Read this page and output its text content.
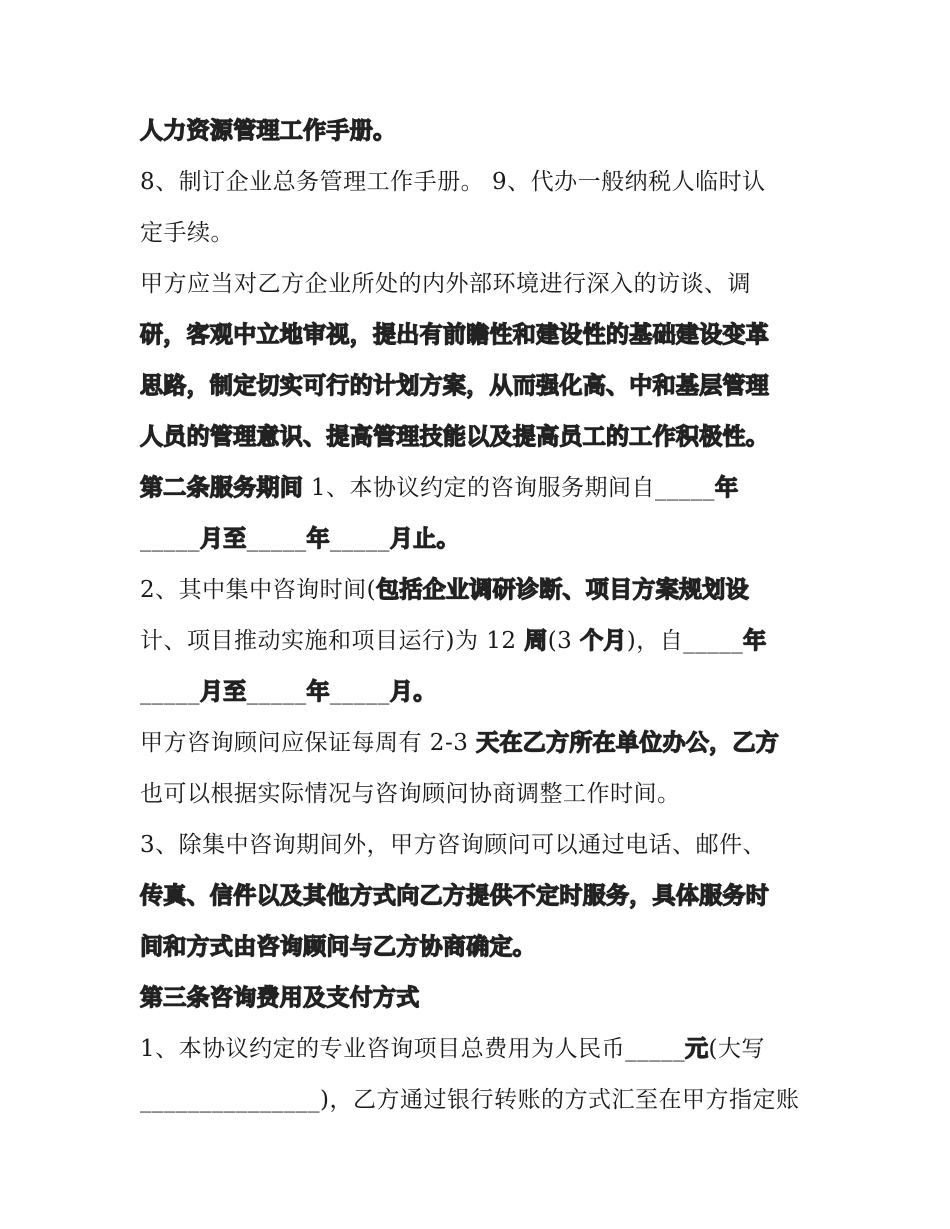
人力资源管理工作手册。
8、制订企业总务管理工作手册。 9、代办一般纳税人临时认
定手续。
甲方应当对乙方企业所处的内外部环境进行深入的访谈、调
研，客观中立地审视，提出有前瞻性和建设性的基础建设变革
思路，制定切实可行的计划方案，从而强化高、中和基层管理
人员的管理意识、提高管理技能以及提高员工的工作积极性。
第二条服务期间 1、本协议约定的咨询服务期间自_____年
_____月至_____年_____月止。
2、其中集中咨询时间(包括企业调研诊断、项目方案规划设
计、项目推动实施和项目运行)为 12 周(3 个月)，自_____年
_____月至_____年_____月。
甲方咨询顾问应保证每周有 2-3 天在乙方所在单位办公，乙方
也可以根据实际情况与咨询顾问协商调整工作时间。
3、除集中咨询期间外，甲方咨询顾问可以通过电话、邮件、
传真、信件以及其他方式向乙方提供不定时服务，具体服务时
间和方式由咨询顾问与乙方协商确定。
第三条咨询费用及支付方式
1、本协议约定的专业咨询项目总费用为人民币_____元(大写
_______________)，乙方通过银行转账的方式汇至在甲方指定账
